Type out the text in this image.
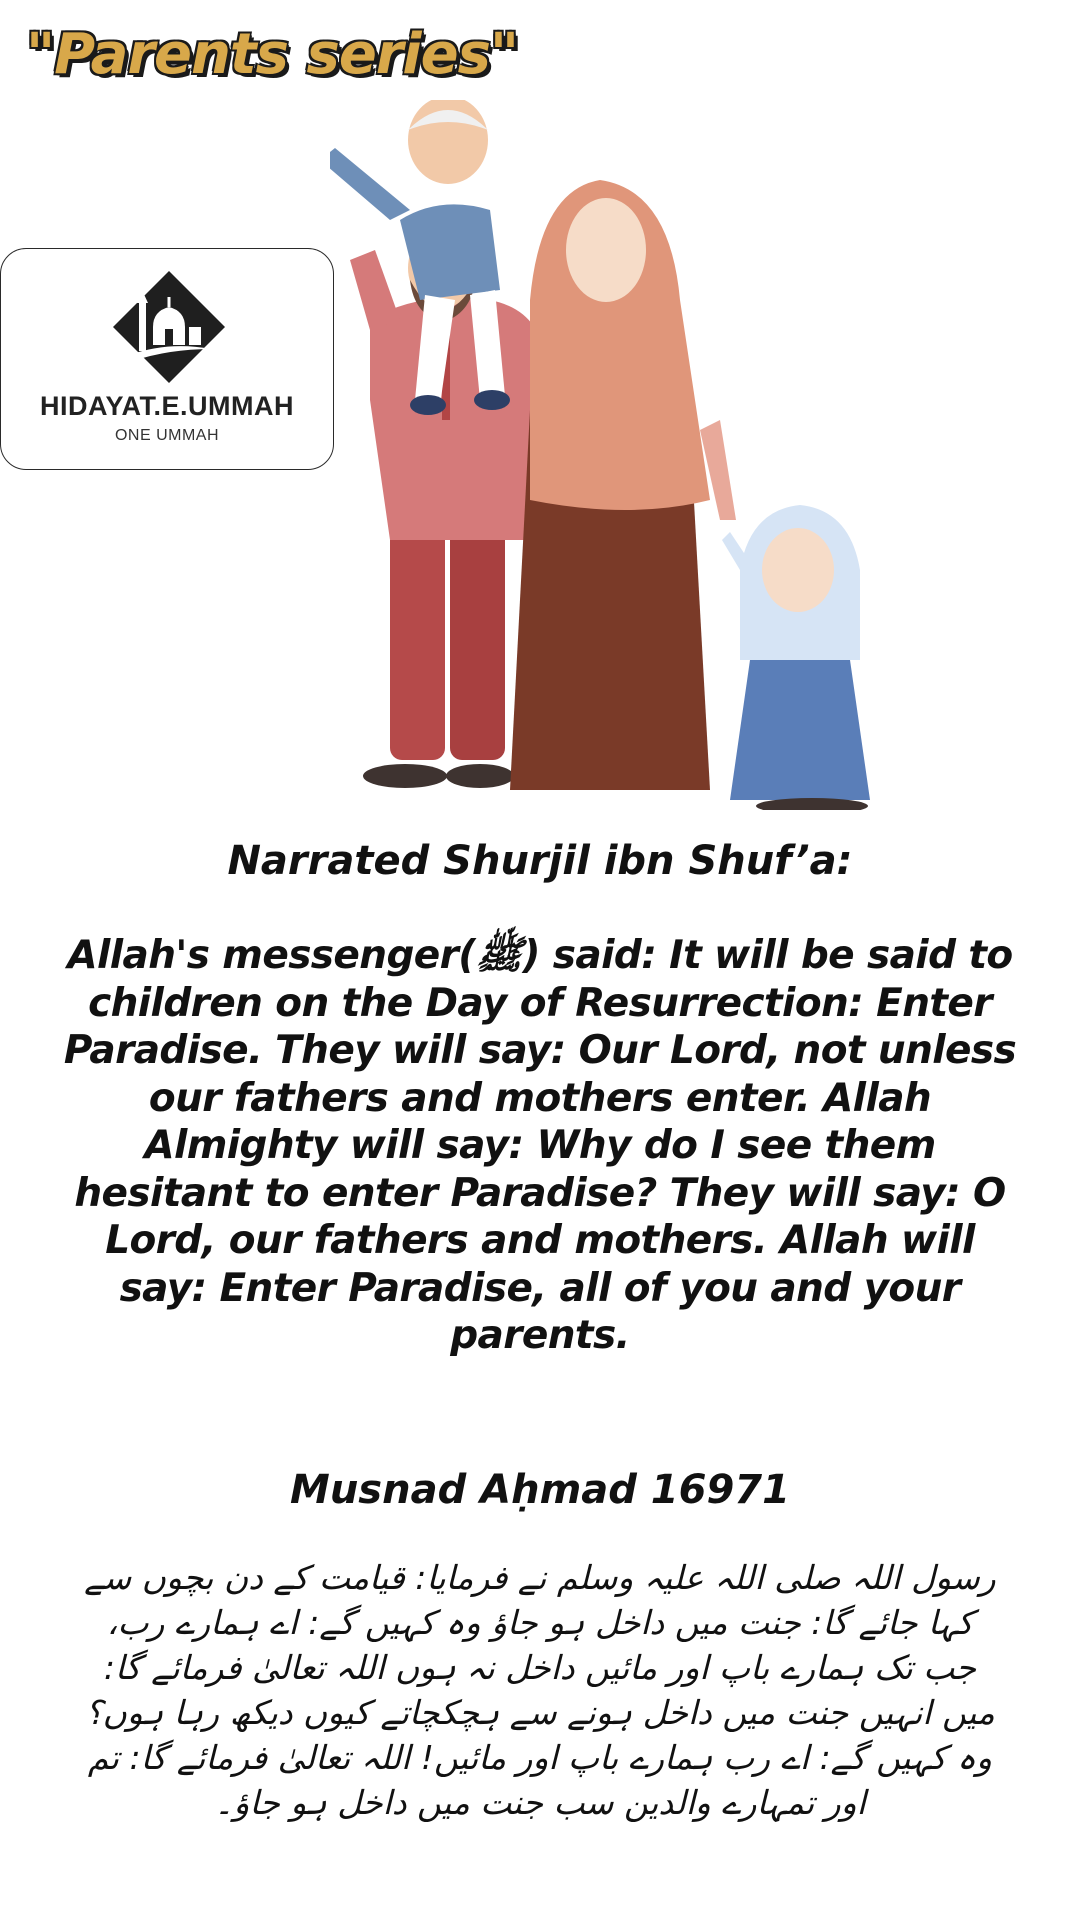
"Parents series"
HIDAYAT.E.UMMAH
ONE UMMAH

Narrated Shurjil ibn Shuf’a:

Allah's messenger(ﷺ) said: It will be said to children on the Day of Resurrection: Enter Paradise. They will say: Our Lord, not unless our fathers and mothers enter. Allah Almighty will say: Why do I see them hesitant to enter Paradise? They will say: O Lord, our fathers and mothers. Allah will say: Enter Paradise, all of you and your parents.

Musnad Aḥmad 16971

رسول اللہ صلی اللہ علیہ وسلم نے فرمایا: قیامت کے دن بچوں سے کہا جائے گا: جنت میں داخل ہو جاؤ وہ کہیں گے: اے ہمارے رب، جب تک ہمارے باپ اور مائیں داخل نہ ہوں اللہ تعالیٰ فرمائے گا: میں انہیں جنت میں داخل ہونے سے ہچکچاتے کیوں دیکھ رہا ہوں؟ وہ کہیں گے: اے رب ہمارے باپ اور مائیں! اللہ تعالیٰ فرمائے گا: تم اور تمہارے والدین سب جنت میں داخل ہو جاؤ۔
